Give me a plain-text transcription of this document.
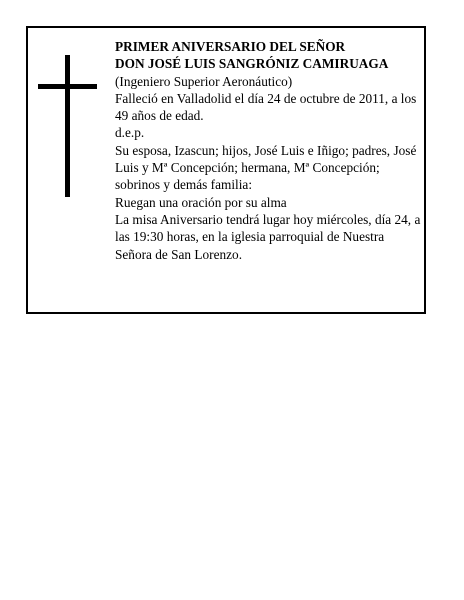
PRIMER ANIVERSARIO DEL SEÑOR

DON JOSÉ LUIS SANGRÓNIZ CAMIRUAGA

(Ingeniero Superior Aeronáutico)

Falleció en Valladolid el día 24 de octubre de 2011, a los 49 años de edad.

d.e.p.

Su esposa, Izascun; hijos, José Luis e Iñigo; padres, José Luis y Mª Concepción; hermana, Mª Concepción; sobrinos y demás familia:

Ruegan una oración por su alma

La misa Aniversario tendrá lugar hoy miércoles, día 24, a las 19:30 horas, en la iglesia parroquial de Nuestra Señora de San Lorenzo.
